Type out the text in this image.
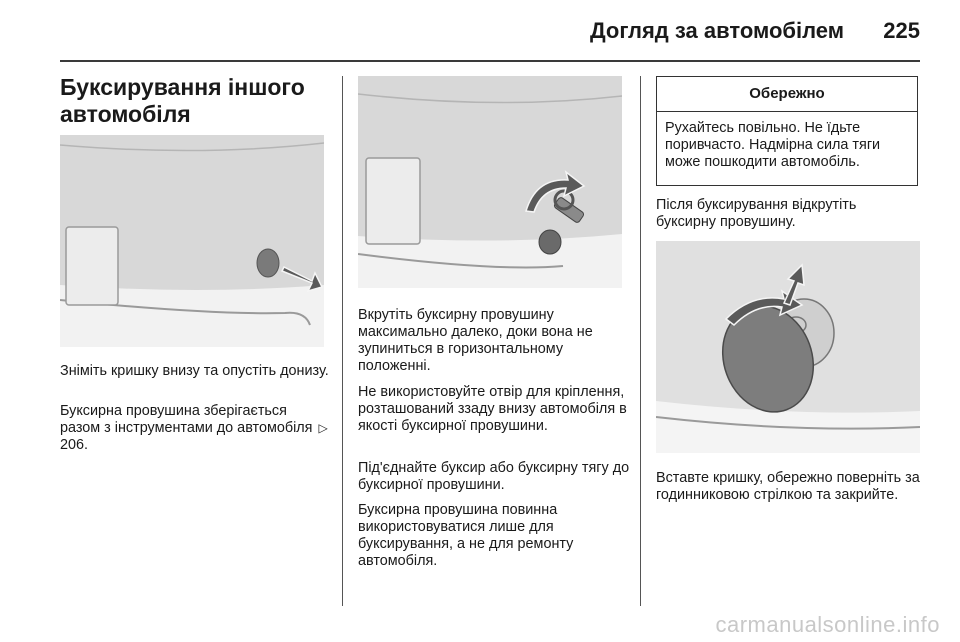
Догляд за автомобілем	225
Буксирування іншого
автомобіля

Зніміть кришку внизу та опустіть донизу.

Буксирна провушина зберігається разом з інструментами до автомобіля ▷206.

Вкрутіть буксирну провушину максимально далеко, доки вона не зупиниться в горизонтальному положенні.

Не використовуйте отвір для кріплення, розташований ззаду внизу автомобіля в якості буксирної провушини.

Під'єднайте буксир або буксирну тягу до буксирної провушини.

Буксирна провушина повинна використовуватися лише для буксирування, а не для ремонту автомобіля.

Обережно
Рухайтесь повільно. Не їдьте поривчасто. Надмірна сила тяги може пошкодити автомобіль.

Після буксирування відкрутіть буксирну провушину.

Вставте кришку, обережно поверніть за годинниковою стрілкою та закрийте.

carmanualsonline.info
